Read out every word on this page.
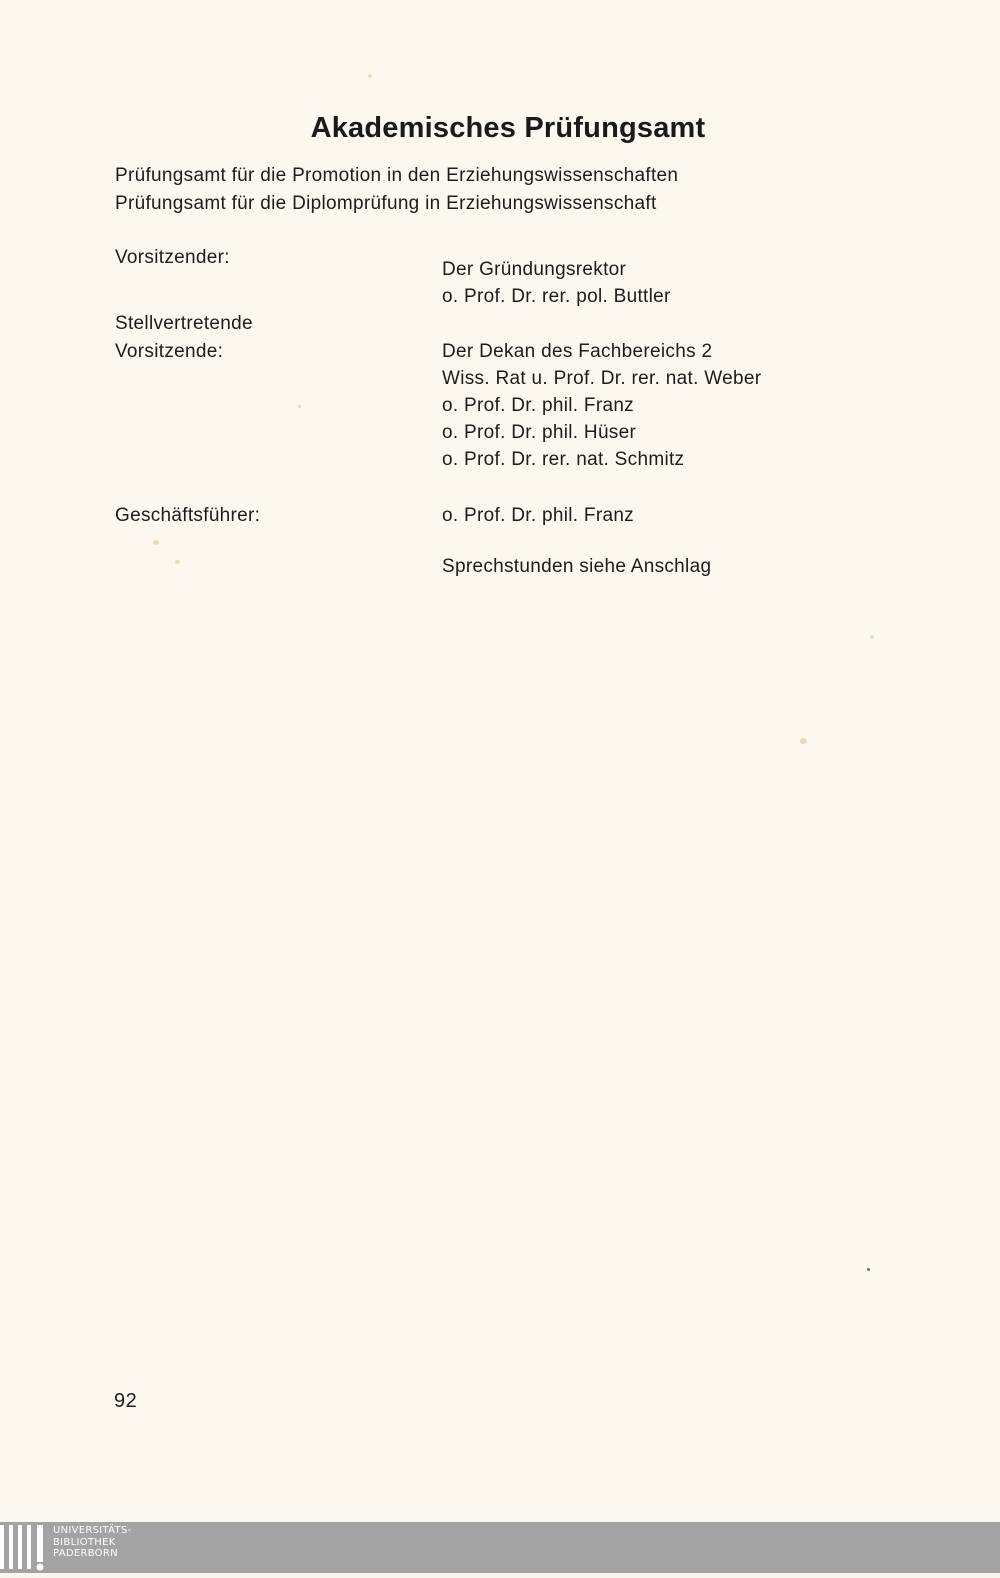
Akademisches Prüfungsamt
Prüfungsamt für die Promotion in den Erziehungswissenschaften
Prüfungsamt für die Diplomprüfung in Erziehungswissenschaft
Vorsitzender:
Der Gründungsrektor
o. Prof. Dr. rer. pol. Buttler
Stellvertretende
Vorsitzende:	Der Dekan des Fachbereichs 2
Wiss. Rat u. Prof. Dr. rer. nat. Weber
o. Prof. Dr. phil. Franz
o. Prof. Dr. phil. Hüser
o. Prof. Dr. rer. nat. Schmitz
Geschäftsführer:	o. Prof. Dr. phil. Franz
Sprechstunden siehe Anschlag
92
UNIVERSITÄTS-
BIBLIOTHEK
PADERBORN
